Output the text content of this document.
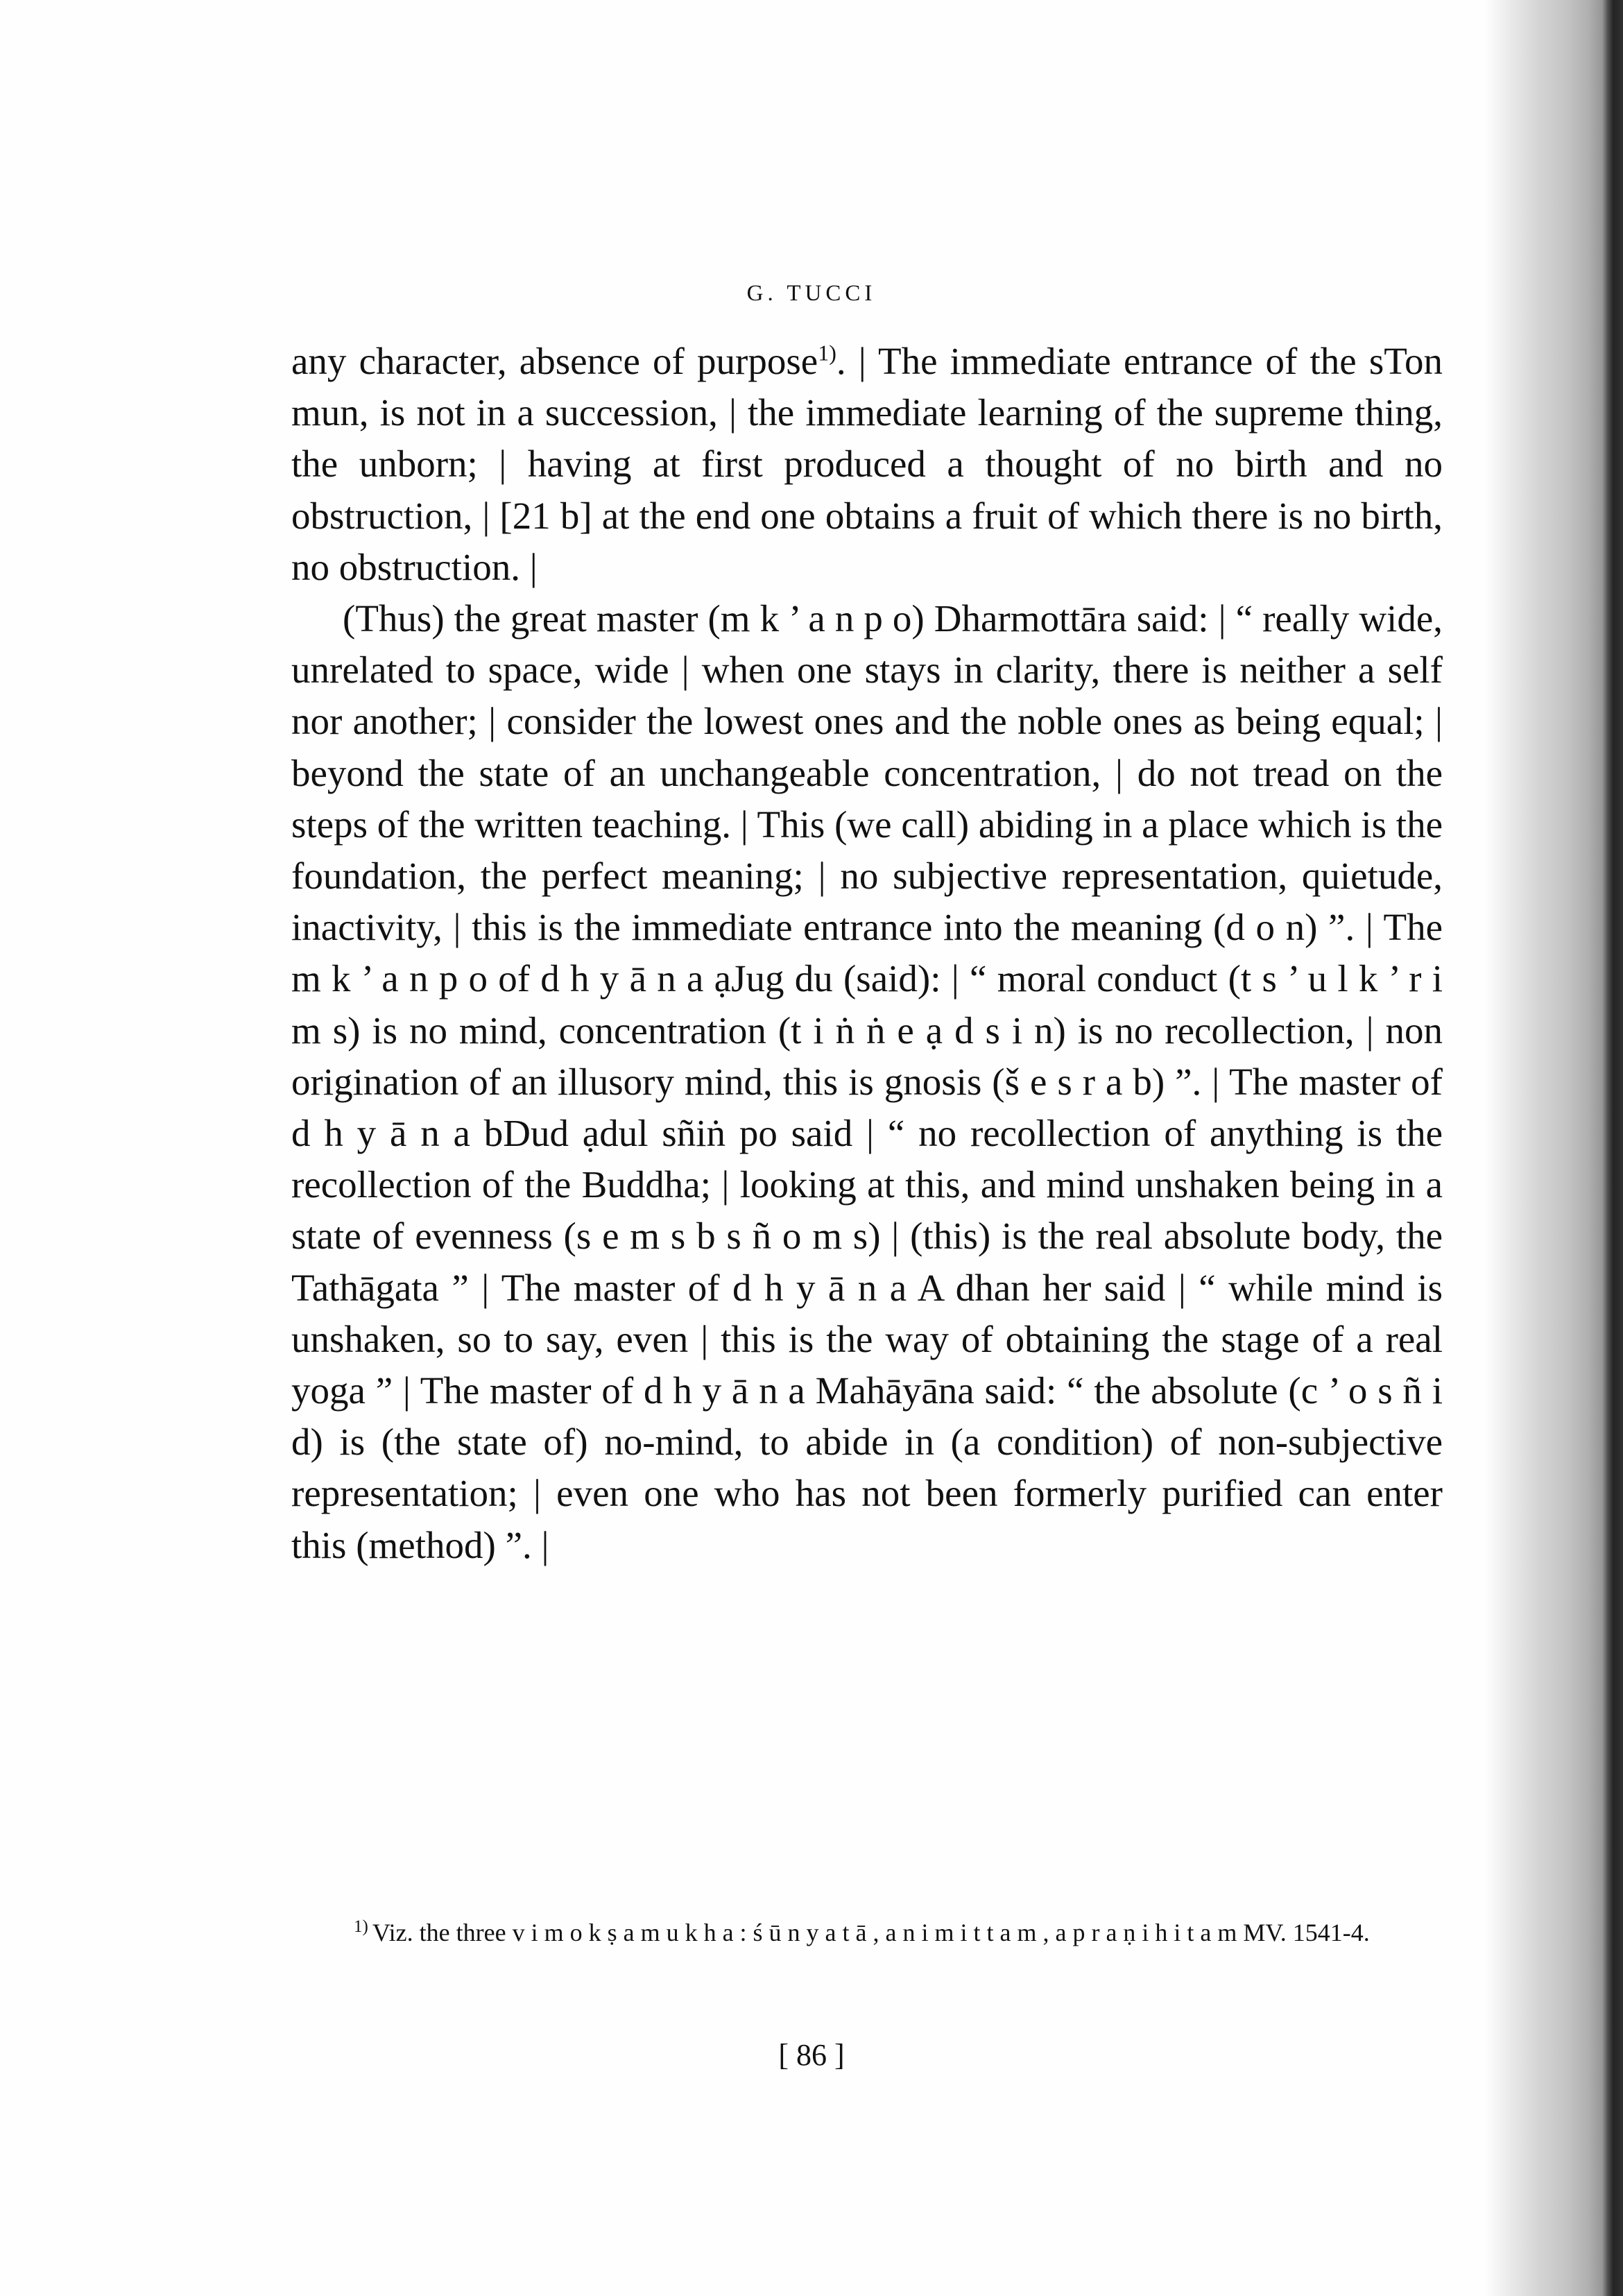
G. TUCCI

any character, absence of purpose$^{1)}$. | The immediate entrance of the sTon mun, is not in a succession, | the immediate learning of the supreme thing, the unborn; | having at first produced a thought of no birth and no obstruction, | [21 b] at the end one obtains a fruit of which there is no birth, no obstruction. |

(Thus) the great master (m k ’ a n p o) Dharmottāra said: | “ really wide, unrelated to space, wide | when one stays in clarity, there is neither a self nor another; | consider the lowest ones and the noble ones as being equal; | beyond the state of an unchangeable concentration, | do not tread on the steps of the written teaching. | This (we call) abiding in a place which is the foundation, the perfect meaning; | no subjective representation, quietude, inactivity, | this is the immediate entrance into the meaning (d o n) ”. | The m k ’ a n p o of d h y ā n a ạJug du (said): | “ moral conduct (t s ’ u l k ’ r i m s) is no mind, concentration (t i ṅ ṅ e ạ d s i n) is no recollection, | non origination of an illusory mind, this is gnosis (š e s r a b) ”. | The master of d h y ā n a bDud ạdul sñiṅ po said | “ no recollection of anything is the recollection of the Buddha; | looking at this, and mind unshaken being in a state of evenness (s e m s b s ñ o m s) | (this) is the real absolute body, the Tathāgata ” | The master of d h y ā n a A dhan her said | “ while mind is unshaken, so to say, even | this is the way of obtaining the stage of a real yoga ” | The master of d h y ā n a Mahāyāna said: “ the absolute (c ’ o s ñ i d) is (the state of) no-mind, to abide in (a condition) of non-subjective representation; | even one who has not been formerly purified can enter this (method) ”. |

$^{1)}$ Viz. the three v i m o k ṣ a m u k h a : ś ū n y a t ā , a n i m i t t a m , a p r a ṇ i h i t a m MV. 1541-4.

[ 86 ]
